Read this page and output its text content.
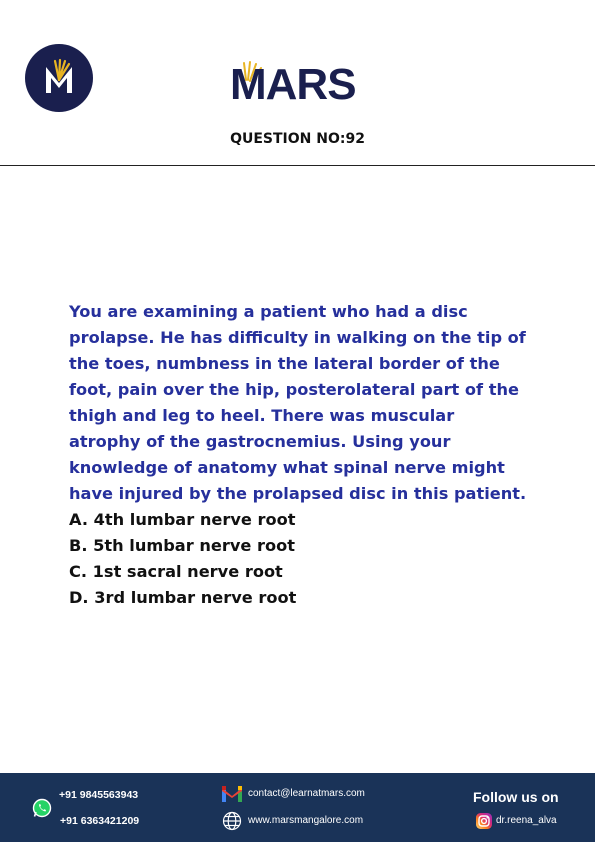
MARS
QUESTION NO:92

You are examining a patient who had a disc prolapse. He has difficulty in walking on the tip of the toes, numbness in the lateral border of the foot, pain over the hip, posterolateral part of the thigh and leg to heel. There was muscular atrophy of the gastrocnemius. Using your knowledge of anatomy what spinal nerve might have injured by the prolapsed disc in this patient.

A. 4th lumbar nerve root

B. 5th lumbar nerve root

C. 1st sacral nerve root

D. 3rd lumbar nerve root

+91 9845563943
+91 6363421209
contact@learnatmars.com
www.marsmangalore.com
Follow us on
dr.reena_alva
